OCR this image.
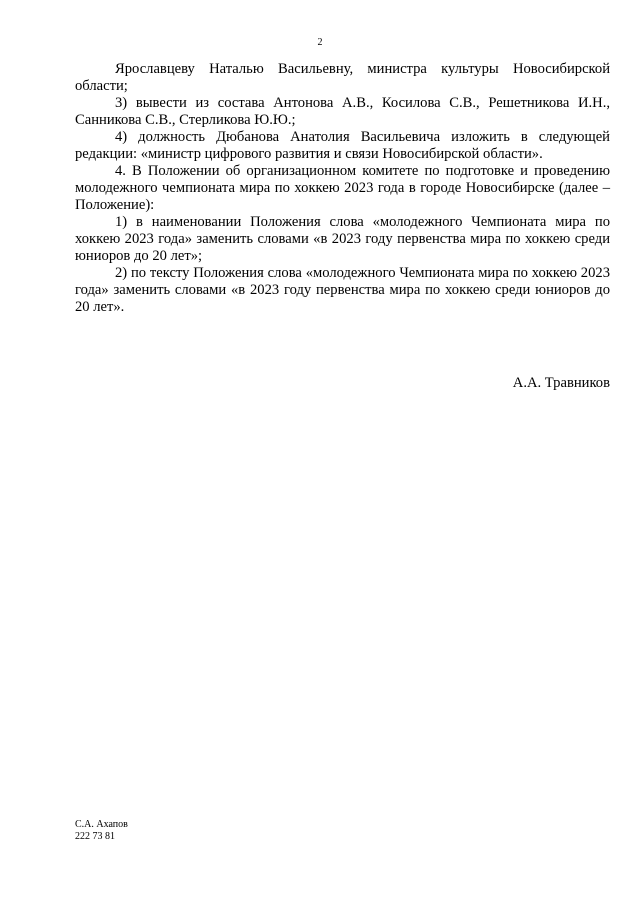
2

Ярославцеву Наталью Васильевну, министра культуры Новосибирской области;

3) вывести из состава Антонова А.В., Косилова С.В., Решетникова И.Н., Санникова С.В., Стерликова Ю.Ю.;

4) должность Дюбанова Анатолия Васильевича изложить в следующей редакции: «министр цифрового развития и связи Новосибирской области».

4. В Положении об организационном комитете по подготовке и проведению молодежного чемпионата мира по хоккею 2023 года в городе Новосибирске (далее – Положение):

1) в наименовании Положения слова «молодежного Чемпионата мира по хоккею 2023 года» заменить словами «в 2023 году первенства мира по хоккею среди юниоров до 20 лет»;

2) по тексту Положения слова «молодежного Чемпионата мира по хоккею 2023 года» заменить словами «в 2023 году первенства мира по хоккею среди юниоров до 20 лет».

А.А. Травников
С.А. Ахапов
222 73 81
